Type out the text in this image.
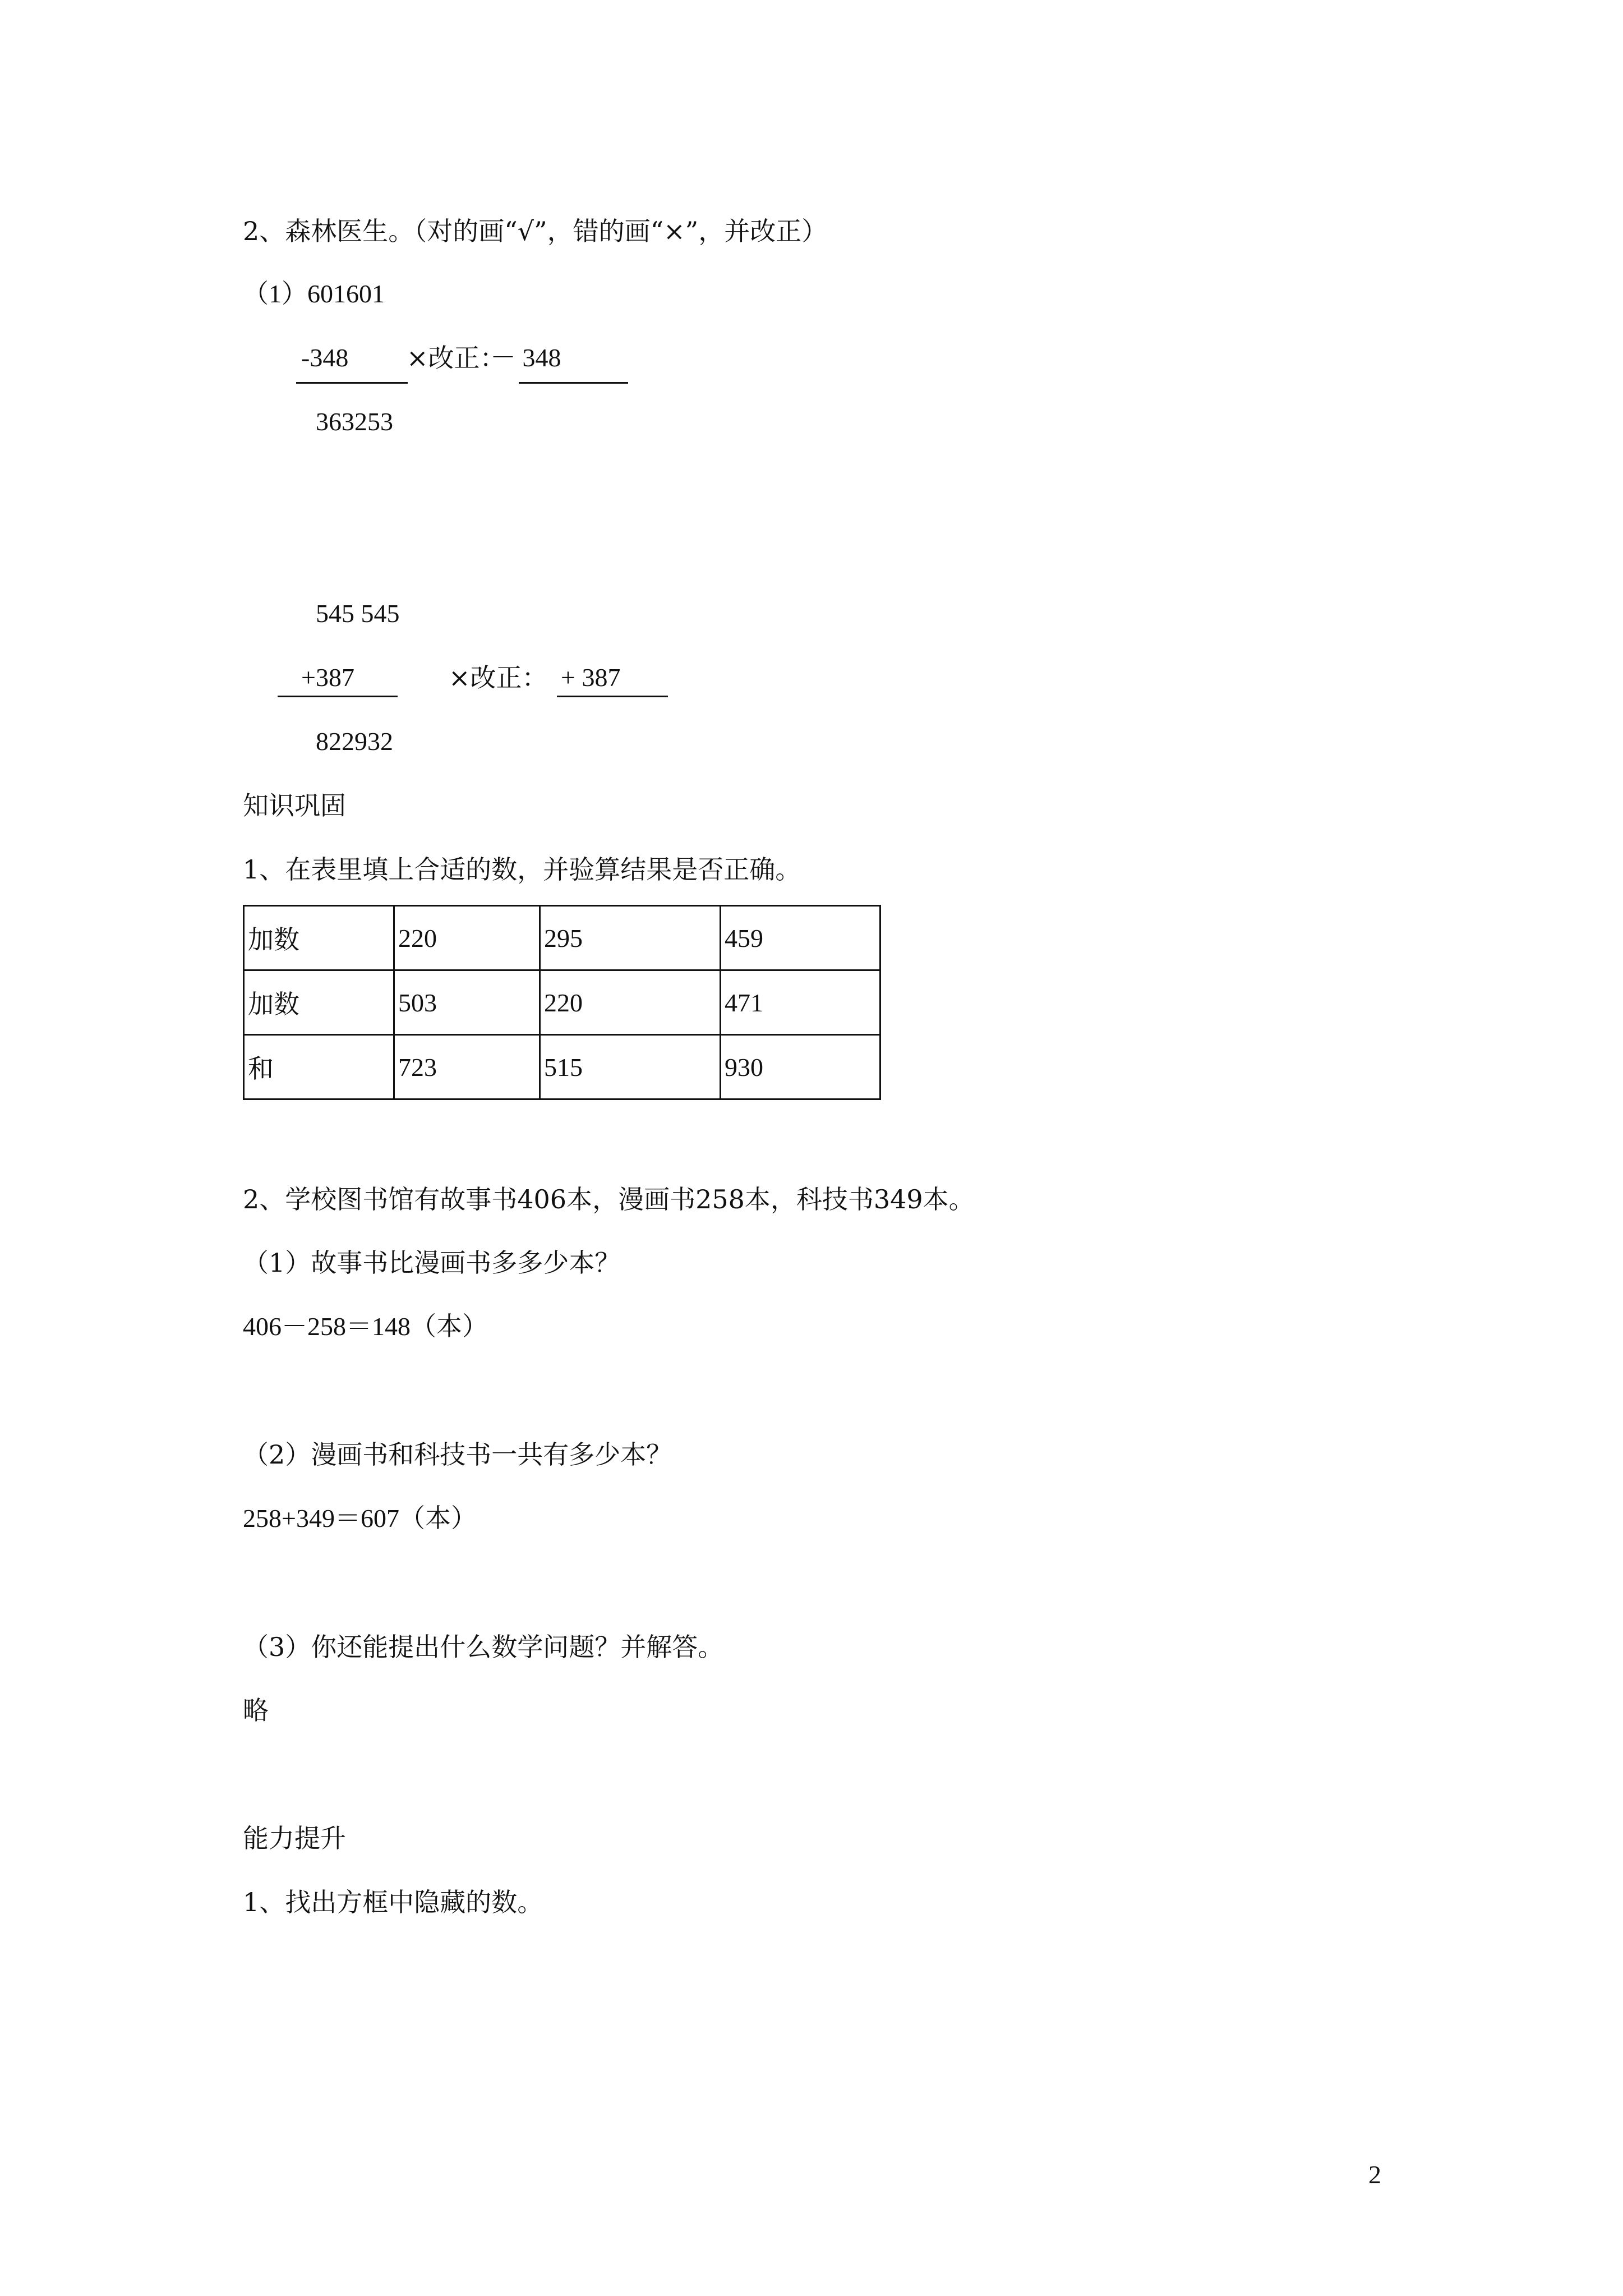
2、森林医生。（对的画“√”，错的画“×”，并改正）
（1）601601
-348 ×改正：
－ 348
363253
545 545
+387	×改正： + 387
822932
知识巩固
1、在表里填上合适的数，并验算结果是否正确。
加数	220	295	459
加数	503	220	471
和	723	515	930
2、学校图书馆有故事书406本，漫画书258本，科技书349本。
（1）故事书比漫画书多多少本？
406－258＝148（本）
（2）漫画书和科技书一共有多少本？
258+349＝607（本）
（3）你还能提出什么数学问题？并解答。
略
能力提升
1、找出方框中隐藏的数。
2
